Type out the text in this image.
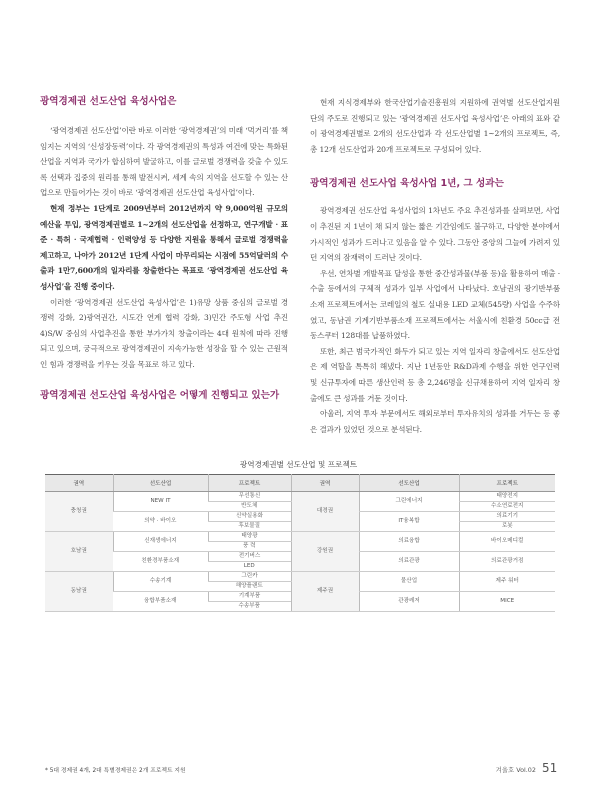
광역경제권 선도산업 육성사업은

‘광역경제권 선도산업’이란 바로 이러한 ‘광역경제권’의 미래 ‘먹거리’를 책임지는 지역의 ‘신성장동력’이다. 각 광역경제권의 특성과 여건에 맞는 특화된 산업을 지역과 국가가 합심하여 발굴하고, 이를 글로벌 경쟁력을 갖출 수 있도록 선택과 집중의 원리를 통해 발전시켜, 세계 속의 지역을 선도할 수 있는 산업으로 만들어가는 것이 바로 ‘광역경제권 선도산업 육성사업’이다.

현재 정부는 1단계로 2009년부터 2012년까지 약 9,000억원 규모의 예산을 투입, 광역경제권별로 1~2개의 선도산업을 선정하고, 연구개발 · 표준 · 특허 · 국제협력 · 인력양성 등 다양한 지원을 통해서 글로벌 경쟁력을 제고하고, 나아가 2012년 1단계 사업이 마무리되는 시점에 55억달러의 수출과 1만7,600개의 일자리를 창출한다는 목표로 ‘광역경제권 선도산업 육성사업’을 진행 중이다.

이러한 ‘광역경제권 선도산업 육성사업’은 1)유망 상품 중심의 글로벌 경쟁력 강화, 2)광역권간, 시도간 연계 협력 강화, 3)민간 주도형 사업 추진 4)S/W 중심의 사업추진을 통한 부가가치 창출이라는 4대 원칙에 따라 진행되고 있으며, 궁극적으로 광역경제권이 지속가능한 성장을 할 수 있는 근원적인 힘과 경쟁력을 키우는 것을 목표로 하고 있다.

광역경제권 선도산업 육성사업은 어떻게 진행되고 있는가

현재 지식경제부와 한국산업기술진흥원의 지원하에 권역별 선도산업지원단의 주도로 진행되고 있는 ‘광역경제권 선도사업 육성사업’은 아래의 표와 같이 광역경제권별로 2개의 선도산업과 각 선도산업별 1~2개의 프로젝트, 즉, 총 12개 선도산업과 20개 프로젝트로 구성되어 있다.

광역경제권 선도사업 육성사업 1년, 그 성과는

광역경제권 선도산업 육성사업의 1차년도 주요 추진성과를 살펴보면, 사업이 추진된 지 1년이 채 되지 않는 짧은 기간임에도 불구하고, 다양한 분야에서 가시적인 성과가 드러나고 있음을 알 수 있다. 그동안 중앙의 그늘에 가려져 있던 지역의 잠재력이 드러난 것이다.

우선, 연차별 개발목표 달성을 통한 중간성과물(부품 등)을 활용하여 매출 · 수출 등에서의 구체적 성과가 일부 사업에서 나타났다. 호남권의 광기반부품소재 프로젝트에서는 코레일의 철도 실내용 LED 교체(545량) 사업을 수주하였고, 동남권 기계기반부품소재 프로젝트에서는 서울시에 친환경 50cc급 전동스쿠터 128대를 납품하였다.

또한, 최근 범국가적인 화두가 되고 있는 지역 일자리 창출에서도 선도산업은 제 역할을 톡톡히 해냈다. 지난 1년동안 R&D과제 수행을 위한 연구인력 및 신규투자에 따른 생산인력 등 총 2,246명을 신규채용하여 지역 일자리 창출에도 큰 성과를 거둔 것이다.

아울러, 지역 투자 부문에서도 해외로부터 투자유치의 성과를 거두는 등 좋은 결과가 있었던 것으로 분석된다.

광역경제권별 선도산업 및 프로젝트
권역	선도산업	프로젝트	권역	선도산업	프로젝트
충청권	NEW IT	무선통신	대경권	그린에너지	태양전지
		반도체			수소연료전지
	의약 · 바이오	신약실용화		IT융복합	의료기기
		후보물질			로봇
호남권	신재생에너지	태양광	강원권	의료융합	바이오메디컬
		풍 력			
	친환경부품소재	전기버스		의료관광	의료관광거점
		LED			
동남권	수송기계	그린카	제주권	물산업	제주 워터
		해양플랜트			
	융합부품소재	기계부품		관광레저	MICE
		수송부품			
* 5대 경제권 4개, 2대 특별경제권은 2개 프로젝트 지원	겨울호 Vol.02 51
